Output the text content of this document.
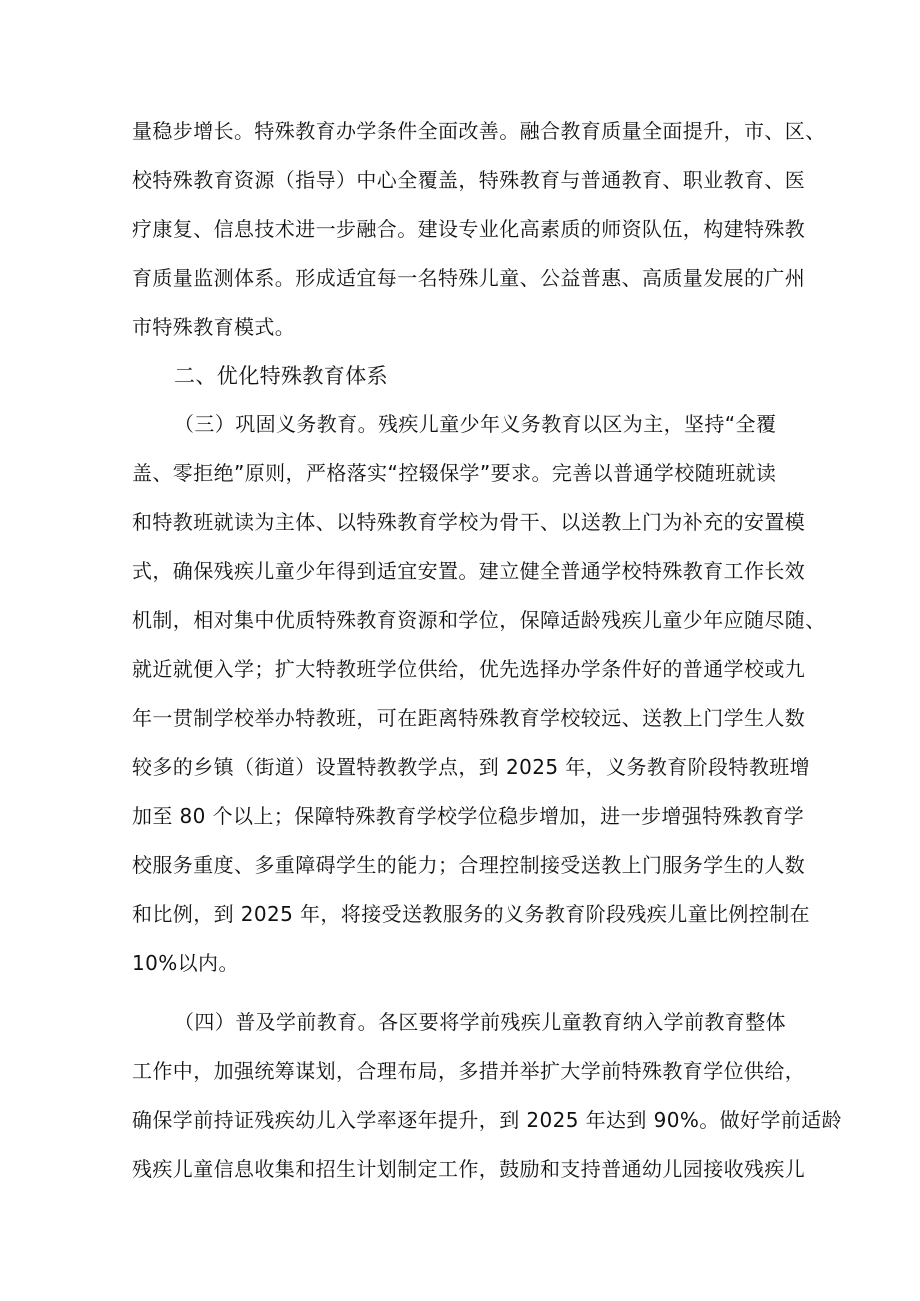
量稳步增长。特殊教育办学条件全面改善。融合教育质量全面提升，市、区、
校特殊教育资源（指导）中心全覆盖，特殊教育与普通教育、职业教育、医
疗康复、信息技术进一步融合。建设专业化高素质的师资队伍，构建特殊教
育质量监测体系。形成适宜每一名特殊儿童、公益普惠、高质量发展的广州
市特殊教育模式。
二、优化特殊教育体系
（三）巩固义务教育。残疾儿童少年义务教育以区为主，坚持“全覆
盖、零拒绝”原则，严格落实“控辍保学”要求。完善以普通学校随班就读
和特教班就读为主体、以特殊教育学校为骨干、以送教上门为补充的安置模
式，确保残疾儿童少年得到适宜安置。建立健全普通学校特殊教育工作长效
机制，相对集中优质特殊教育资源和学位，保障适龄残疾儿童少年应随尽随、
就近就便入学；扩大特教班学位供给，优先选择办学条件好的普通学校或九
年一贯制学校举办特教班，可在距离特殊教育学校较远、送教上门学生人数
较多的乡镇（街道）设置特教教学点，到 2025 年，义务教育阶段特教班增
加至 80 个以上；保障特殊教育学校学位稳步增加，进一步增强特殊教育学
校服务重度、多重障碍学生的能力；合理控制接受送教上门服务学生的人数
和比例，到 2025 年，将接受送教服务的义务教育阶段残疾儿童比例控制在
10%以内。
（四）普及学前教育。各区要将学前残疾儿童教育纳入学前教育整体
工作中，加强统筹谋划，合理布局，多措并举扩大学前特殊教育学位供给，
确保学前持证残疾幼儿入学率逐年提升，到 2025 年达到 90%。做好学前适龄
残疾儿童信息收集和招生计划制定工作，鼓励和支持普通幼儿园接收残疾儿
